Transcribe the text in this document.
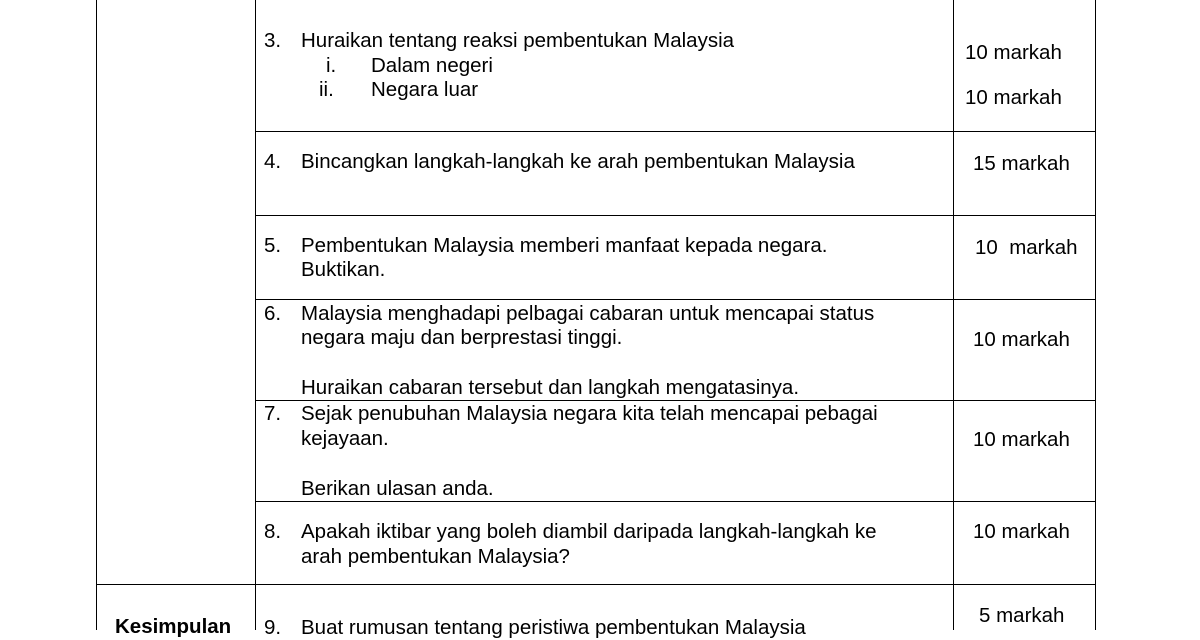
3. Huraikan tentang reaksi pembentukan Malaysia
i. Dalam negeri
ii. Negara luar
10 markah
10 markah
4. Bincangkan langkah-langkah ke arah pembentukan Malaysia	15 markah
5. Pembentukan Malaysia memberi manfaat kepada negara.
Buktikan.
10  markah
6. Malaysia menghadapi pelbagai cabaran untuk mencapai status
negara maju dan berprestasi tinggi.
Huraikan cabaran tersebut dan langkah mengatasinya.
10 markah
7. Sejak penubuhan Malaysia negara kita telah mencapai pebagai
kejayaan.
Berikan ulasan anda.
10 markah
8. Apakah iktibar yang boleh diambil daripada langkah-langkah ke
arah pembentukan Malaysia?
10 markah
Kesimpulan 9. Buat rumusan tentang peristiwa pembentukan Malaysia
5 markah
